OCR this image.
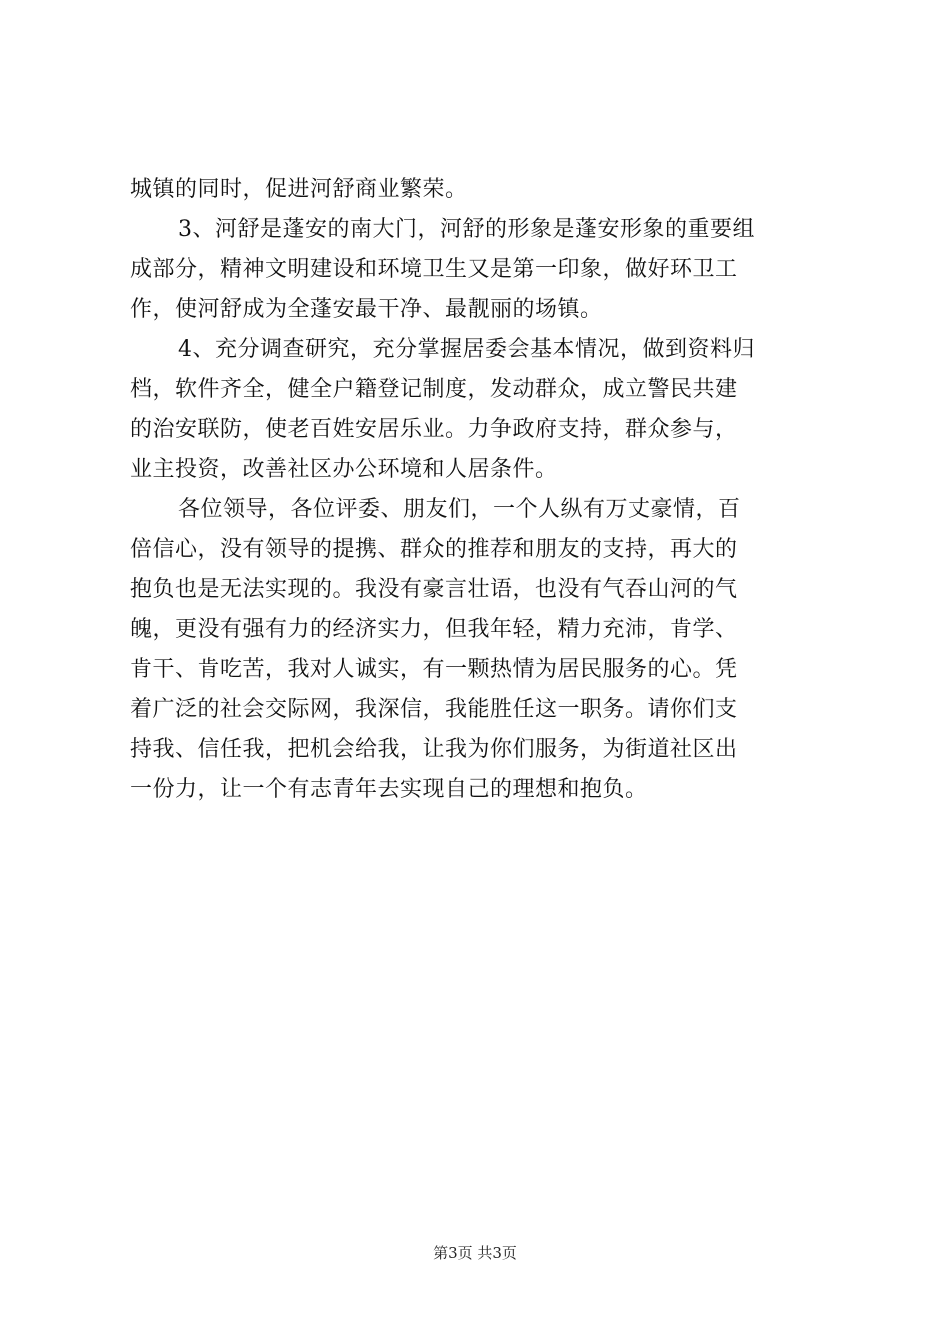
城镇的同时，促进河舒商业繁荣。
3、河舒是蓬安的南大门，河舒的形象是蓬安形象的重要组
成部分，精神文明建设和环境卫生又是第一印象，做好环卫工
作，使河舒成为全蓬安最干净、最靓丽的场镇。
4、充分调查研究，充分掌握居委会基本情况，做到资料归
档，软件齐全，健全户籍登记制度，发动群众，成立警民共建
的治安联防，使老百姓安居乐业。力争政府支持，群众参与，
业主投资，改善社区办公环境和人居条件。
各位领导，各位评委、朋友们，一个人纵有万丈豪情，百
倍信心，没有领导的提携、群众的推荐和朋友的支持，再大的
抱负也是无法实现的。我没有豪言壮语，也没有气吞山河的气
魄，更没有强有力的经济实力，但我年轻，精力充沛，肯学、
肯干、肯吃苦，我对人诚实，有一颗热情为居民服务的心。凭
着广泛的社会交际网，我深信，我能胜任这一职务。请你们支
持我、信任我，把机会给我，让我为你们服务，为街道社区出
一份力，让一个有志青年去实现自己的理想和抱负。
第3页 共3页
